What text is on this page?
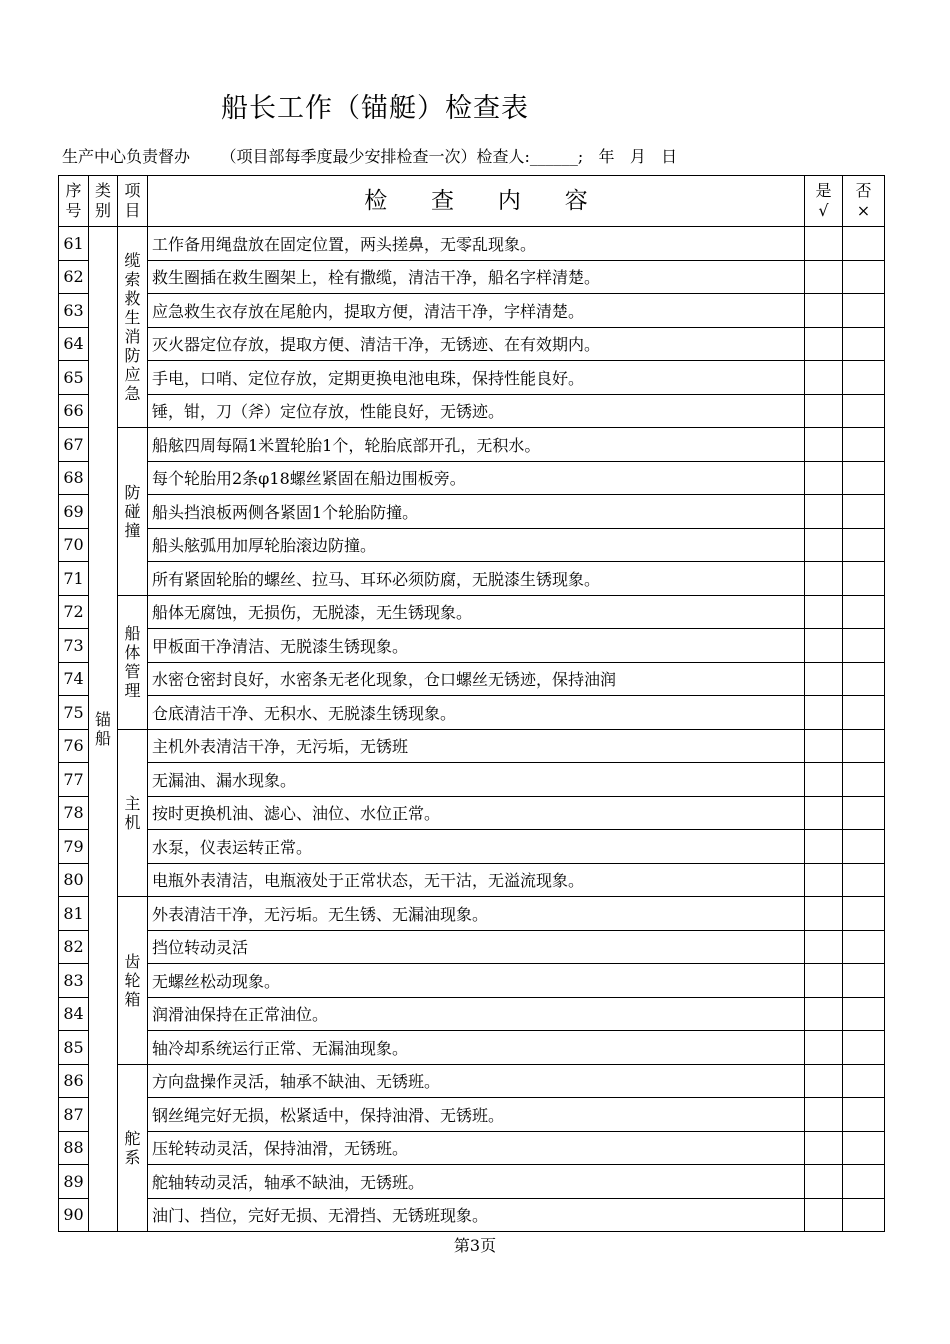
船长工作（锚艇）检查表
生产中心负责督办      （项目部每季度最少安排检查一次）检查人:______;   年   月   日
序号	类别	项目	检      查      内      容	是√	否×
61	锚船	缆索救生消防应急	工作备用绳盘放在固定位置，两头搓鼻，无零乱现象。		
62			救生圈插在救生圈架上，栓有撒缆，清洁干净，船名字样清楚。		
63			应急救生衣存放在尾舱内，提取方便，清洁干净，字样清楚。		
64			灭火器定位存放，提取方便、清洁干净，无锈迹、在有效期内。		
65			手电，口哨、定位存放，定期更换电池电珠，保持性能良好。		
66			锤，钳，刀（斧）定位存放，性能良好，无锈迹。		
67		防碰撞	船舷四周每隔1米置轮胎1个，轮胎底部开孔，无积水。		
68			每个轮胎用2条φ18螺丝紧固在船边围板旁。		
69			船头挡浪板两侧各紧固1个轮胎防撞。		
70			船头舷弧用加厚轮胎滚边防撞。		
71			所有紧固轮胎的螺丝、拉马、耳环必须防腐，无脱漆生锈现象。		
72		船体管理	船体无腐蚀，无损伤，无脱漆，无生锈现象。		
73			甲板面干净清洁、无脱漆生锈现象。		
74			水密仓密封良好，水密条无老化现象，仓口螺丝无锈迹，保持油润		
75			仓底清洁干净、无积水、无脱漆生锈现象。		
76		主机	主机外表清洁干净，无污垢，无锈班		
77			无漏油、漏水现象。		
78			按时更换机油、滤心、油位、水位正常。		
79			水泵，仪表运转正常。		
80			电瓶外表清洁，电瓶液处于正常状态，无干沽，无溢流现象。		
81		齿轮箱	外表清洁干净，无污垢。无生锈、无漏油现象。		
82			挡位转动灵活		
83			无螺丝松动现象。		
84			润滑油保持在正常油位。		
85			轴冷却系统运行正常、无漏油现象。		
86		舵系	方向盘操作灵活，轴承不缺油、无锈班。		
87			钢丝绳完好无损，松紧适中，保持油滑、无锈班。		
88			压轮转动灵活，保持油滑，无锈班。		
89			舵轴转动灵活，轴承不缺油，无锈班。		
90			油门、挡位，完好无损、无滑挡、无锈班现象。		
第3页
